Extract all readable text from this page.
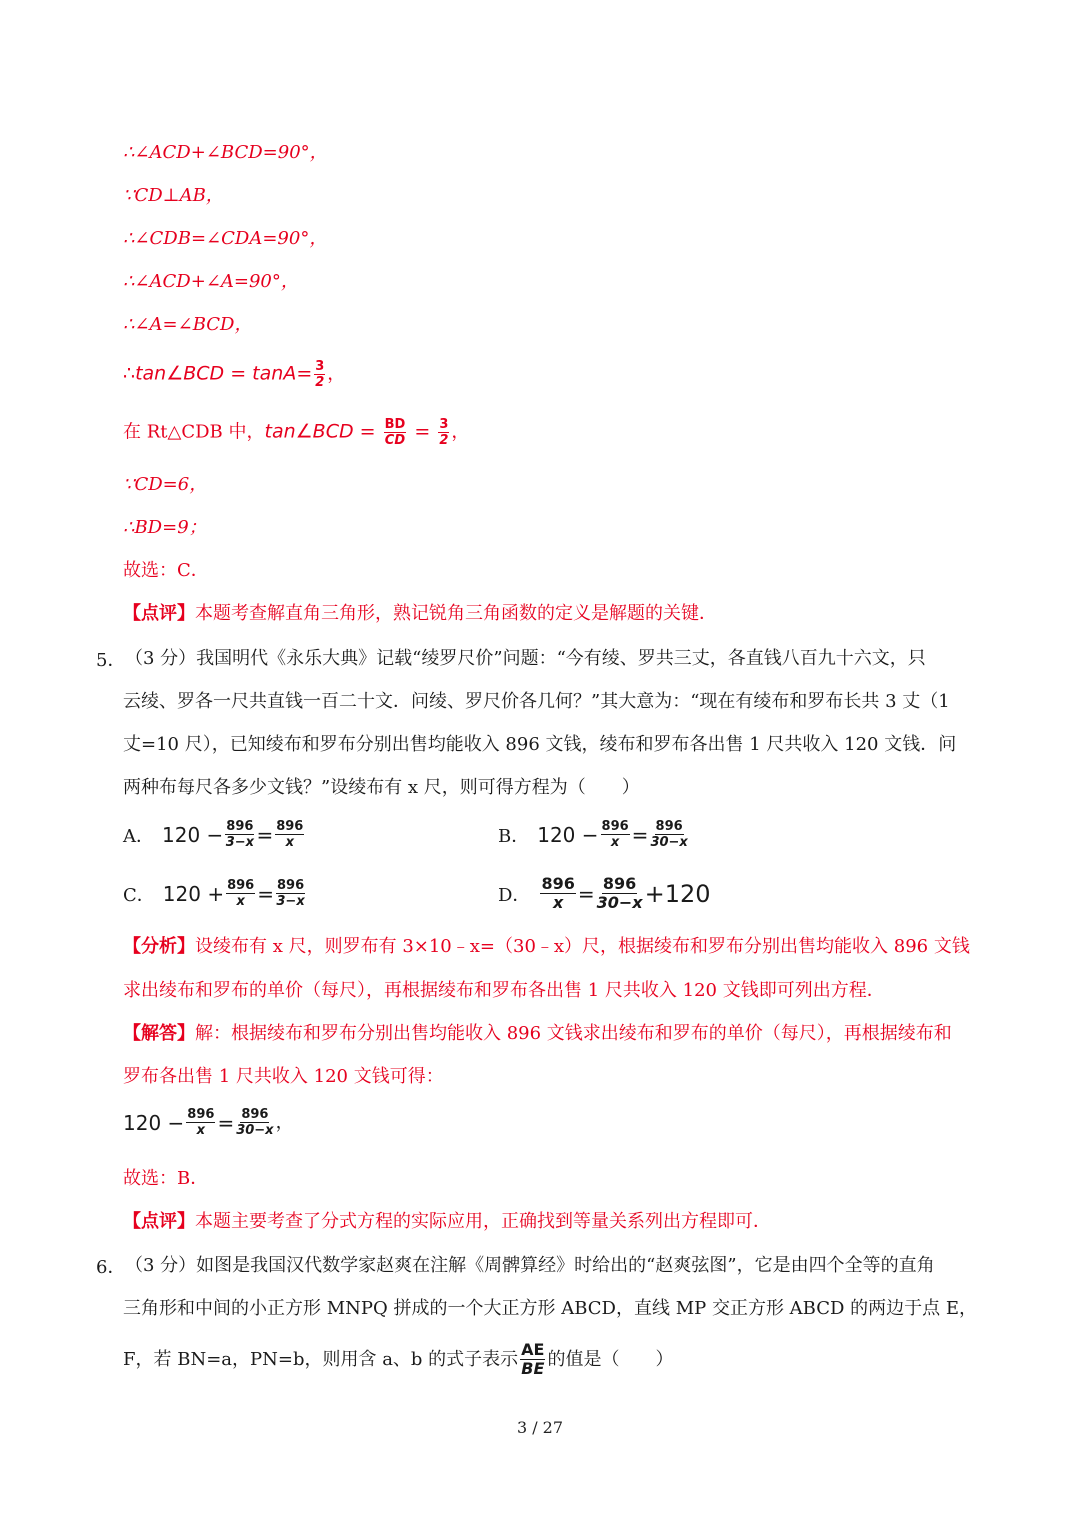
∴∠ACD+∠BCD=90°，
∵CD⊥AB，
∴∠CDB=∠CDA=90°，
∴∠ACD+∠A=90°，
∴∠A=∠BCD，
∴tan∠BCD = $\tan A= \frac{3}{2}$ ，
在 Rt△CDB 中，tan∠BCD = $\frac{BD}{CD} = \frac{3}{2}$ ，
∵CD=6，
∴BD=9；
故选：C．
【点评】本题考查解直角三角形，熟记锐角三角函数的定义是解题的关键．
5． （3 分）我国明代《永乐大典》记载“绫罗尺价”问题：“今有绫、罗共三丈，各直钱八百九十六文，只
云绫、罗各一尺共直钱一百二十文．问绫、罗尺价各几何？”其大意为：“现在有绫布和罗布长共 3 丈（1
丈=10 尺），已知绫布和罗布分别出售均能收入 896 文钱，绫布和罗布各出售 1 尺共收入 120 文钱．问
两种布每尺各多少文钱？”设绫布有 x 尺，则可得方程为（　　）
A． $120 - \frac{896}{3-x} = \frac{896}{x}$	B． $120 - \frac{896}{x} = \frac{896}{30-x}$
C． $120 + \frac{896}{x} = \frac{896}{3-x}$	D． $\frac{896}{x} = \frac{896}{30-x} +120$
【分析】设绫布有 x 尺，则罗布有 3×10﹣x=（30﹣x）尺，根据绫布和罗布分别出售均能收入 896 文钱
求出绫布和罗布的单价（每尺），再根据绫布和罗布各出售 1 尺共收入 120 文钱即可列出方程．
【解答】解：根据绫布和罗布分别出售均能收入 896 文钱求出绫布和罗布的单价（每尺），再根据绫布和
罗布各出售 1 尺共收入 120 文钱可得：
$120 - \frac{896}{x} = \frac{896}{30-x}$ ，
故选：B．
【点评】本题主要考查了分式方程的实际应用，正确找到等量关系列出方程即可．
6． （3 分）如图是我国汉代数学家赵爽在注解《周髀算经》时给出的“赵爽弦图”，它是由四个全等的直角
三角形和中间的小正方形 MNPQ 拼成的一个大正方形 ABCD，直线 MP 交正方形 ABCD 的两边于点 E，
F，若 BN=a，PN=b，则用含 a、b 的式子表示 $\frac{AE}{BE}$ 的值是（　　）
3 / 27
